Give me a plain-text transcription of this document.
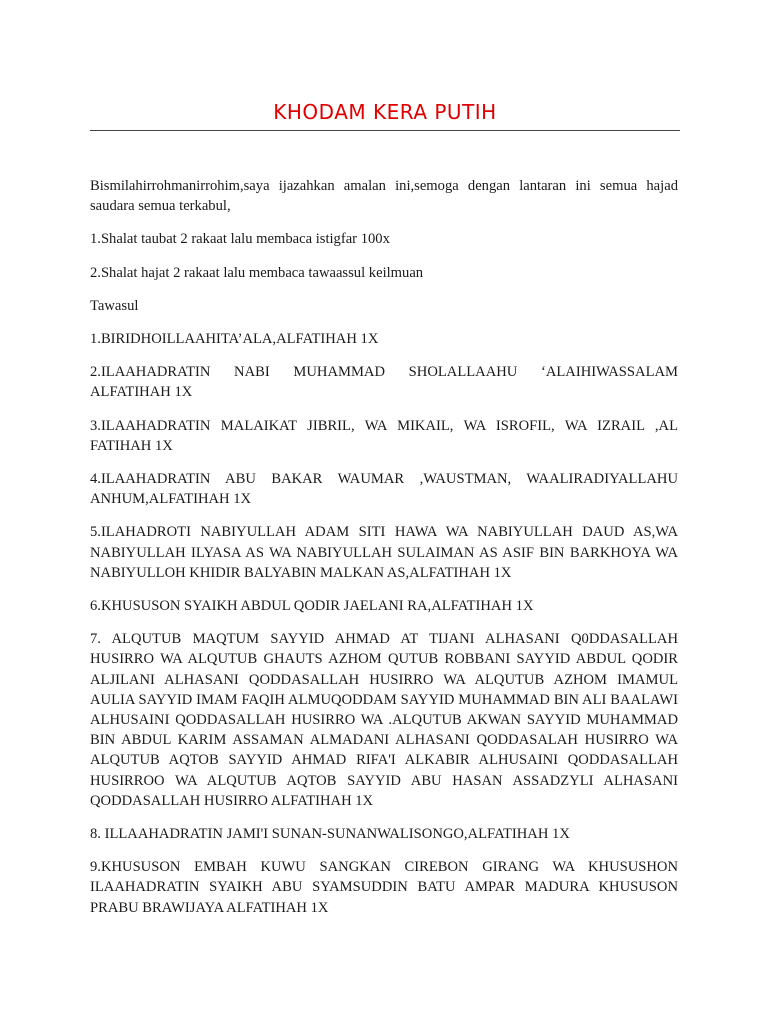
KHODAM KERA PUTIH

Bismilahirrohmanirrohim,saya ijazahkan amalan ini,semoga dengan lantaran ini semua hajad saudara semua terkabul,

1.Shalat taubat 2 rakaat lalu membaca istigfar 100x

2.Shalat hajat 2 rakaat lalu membaca tawaassul keilmuan

Tawasul

1.BIRIDHOILLAAHITA’ALA,ALFATIHAH 1X

2.ILAAHADRATIN NABI MUHAMMAD SHOLALLAAHU ‘ALAIHIWASSALAM ALFATIHAH 1X

3.ILAAHADRATIN MALAIKAT JIBRIL, WA MIKAIL, WA ISROFIL, WA IZRAIL ,AL FATIHAH 1X

4.ILAAHADRATIN ABU BAKAR WAUMAR ,WAUSTMAN, WAALIRADIYALLAHU ANHUM,ALFATIHAH 1X

5.ILAHADROTI NABIYULLAH ADAM SITI HAWA WA NABIYULLAH DAUD AS,WA NABIYULLAH ILYASA AS WA NABIYULLAH SULAIMAN AS ASIF BIN BARKHOYA WA NABIYULLOH KHIDIR BALYABIN MALKAN AS,ALFATIHAH 1X

6.KHUSUSON SYAIKH ABDUL QODIR JAELANI RA,ALFATIHAH 1X

7. ALQUTUB MAQTUM SAYYID AHMAD AT TIJANI ALHASANI Q0DDASALLAH HUSIRRO WA ALQUTUB GHAUTS AZHOM QUTUB ROBBANI SAYYID ABDUL QODIR ALJILANI ALHASANI QODDASALLAH HUSIRRO WA ALQUTUB AZHOM IMAMUL AULIA SAYYID IMAM FAQIH ALMUQODDAM SAYYID MUHAMMAD BIN ALI BAALAWI ALHUSAINI QODDASALLAH HUSIRRO WA .ALQUTUB AKWAN SAYYID MUHAMMAD BIN ABDUL KARIM ASSAMAN ALMADANI ALHASANI QODDASALAH HUSIRRO WA ALQUTUB AQTOB SAYYID AHMAD RIFA'I ALKABIR ALHUSAINI QODDASALLAH HUSIRROO WA ALQUTUB AQTOB SAYYID ABU HASAN ASSADZYLI ALHASANI QODDASALLAH HUSIRRO ALFATIHAH 1X

8. ILLAAHADRATIN JAMI'I SUNAN-SUNANWALISONGO,ALFATIHAH 1X

9.KHUSUSON EMBAH KUWU SANGKAN CIREBON GIRANG WA KHUSUSHON ILAAHADRATIN SYAIKH ABU SYAMSUDDIN BATU AMPAR MADURA KHUSUSON PRABU BRAWIJAYA ALFATIHAH 1X
